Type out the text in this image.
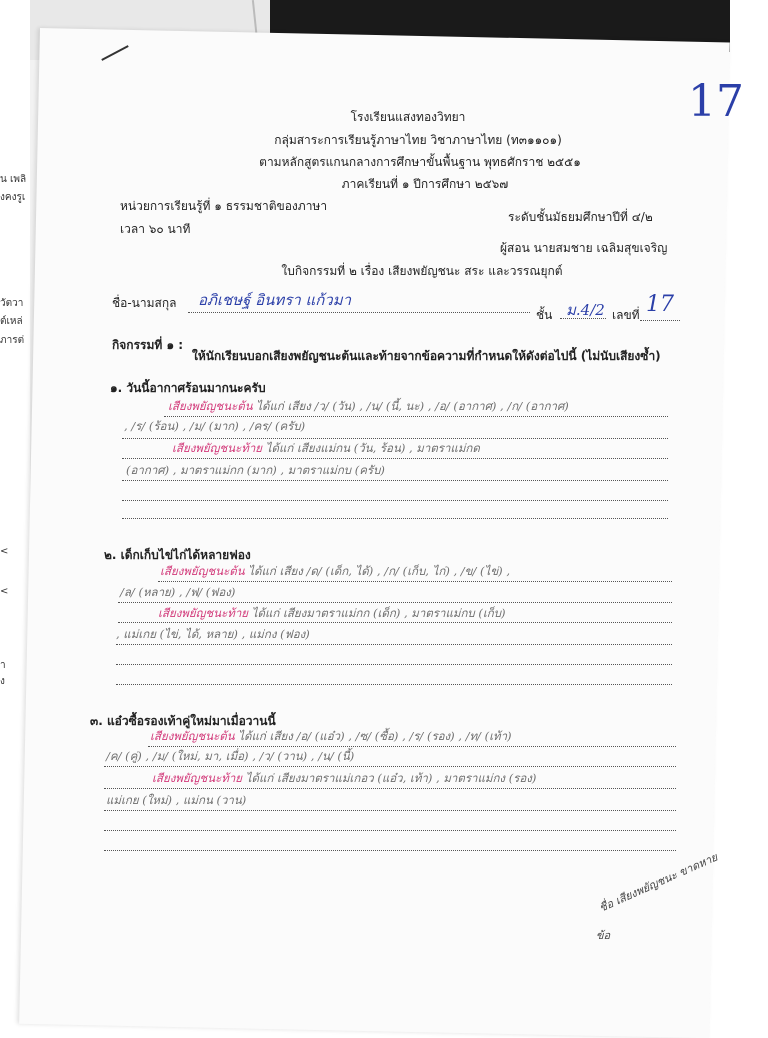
น เพลิ
งคงรูเ
วัตวา
ต์เหล่
ภารต่
<
<
า
ง
17
โรงเรียนแสงทองวิทยา
กลุ่มสาระการเรียนรู้ภาษาไทย วิชาภาษาไทย (ท๓๑๑๐๑)
ตามหลักสูตรแกนกลางการศึกษาขั้นพื้นฐาน พุทธศักราช ๒๕๕๑
ภาคเรียนที่ ๑ ปีการศึกษา ๒๕๖๗
หน่วยการเรียนรู้ที่ ๑ ธรรมชาติของภาษา
ระดับชั้นมัธยมศึกษาปีที่ ๔/๒
เวลา ๖๐ นาที
ผู้สอน นายสมชาย เฉลิมสุขเจริญ
ใบกิจกรรมที่ ๒ เรื่อง เสียงพยัญชนะ สระ และวรรณยุกต์
ชื่อ-นามสกุล อภิเชษฐ์ อินทรา แก้วมา
ชั้น ม.4/2 เลขที่ 17
กิจกรรมที่ ๑ :
ให้นักเรียนบอกเสียงพยัญชนะต้นและท้ายจากข้อความที่กำหนดให้ดังต่อไปนี้ (ไม่นับเสียงซ้ำ)
๑. วันนี้อากาศร้อนมากนะครับ
เสียงพยัญชนะต้น ได้แก่ เสียง /ว/ (วัน) , /น/ (นี้, นะ) , /อ/ (อากาศ) , /ก/ (อากาศ)
, /ร/ (ร้อน) , /ม/ (มาก) , /คร/ (ครับ)
เสียงพยัญชนะท้าย ได้แก่ เสียงแม่กน (วัน, ร้อน) , มาตราแม่กด
(อากาศ) , มาตราแม่กก (มาก) , มาตราแม่กบ (ครับ)
๒. เด็กเก็บไข่ไก่ได้หลายฟอง
เสียงพยัญชนะต้น ได้แก่ เสียง /ด/ (เด็ก, ได้) , /ก/ (เก็บ, ไก่) , /ข/ (ไข่) ,
/ล/ (หลาย) , /ฟ/ (ฟอง)
เสียงพยัญชนะท้าย ได้แก่ เสียงมาตราแม่กก (เด็ก) , มาตราแม่กบ (เก็บ)
, แม่เกย (ไข่, ได้, หลาย) , แม่กง (ฟอง)
๓. แอ๋วซื้อรองเท้าคู่ใหม่มาเมื่อวานนี้
เสียงพยัญชนะต้น ได้แก่ เสียง /อ/ (แอ๋ว) , /ซ/ (ซื้อ) , /ร/ (รอง) , /ท/ (เท้า)
/ค/ (คู่) , /ม/ (ใหม่, มา, เมื่อ) , /ว/ (วาน) , /น/ (นี้)
เสียงพยัญชนะท้าย ได้แก่ เสียงมาตราแม่เกอว (แอ๋ว, เท้า) , มาตราแม่กง (รอง)
แม่เกย (ใหม่) , แม่กน (วาน)
ชื่อ เสียงพยัญชนะ ขาดหาย
ข้อ
